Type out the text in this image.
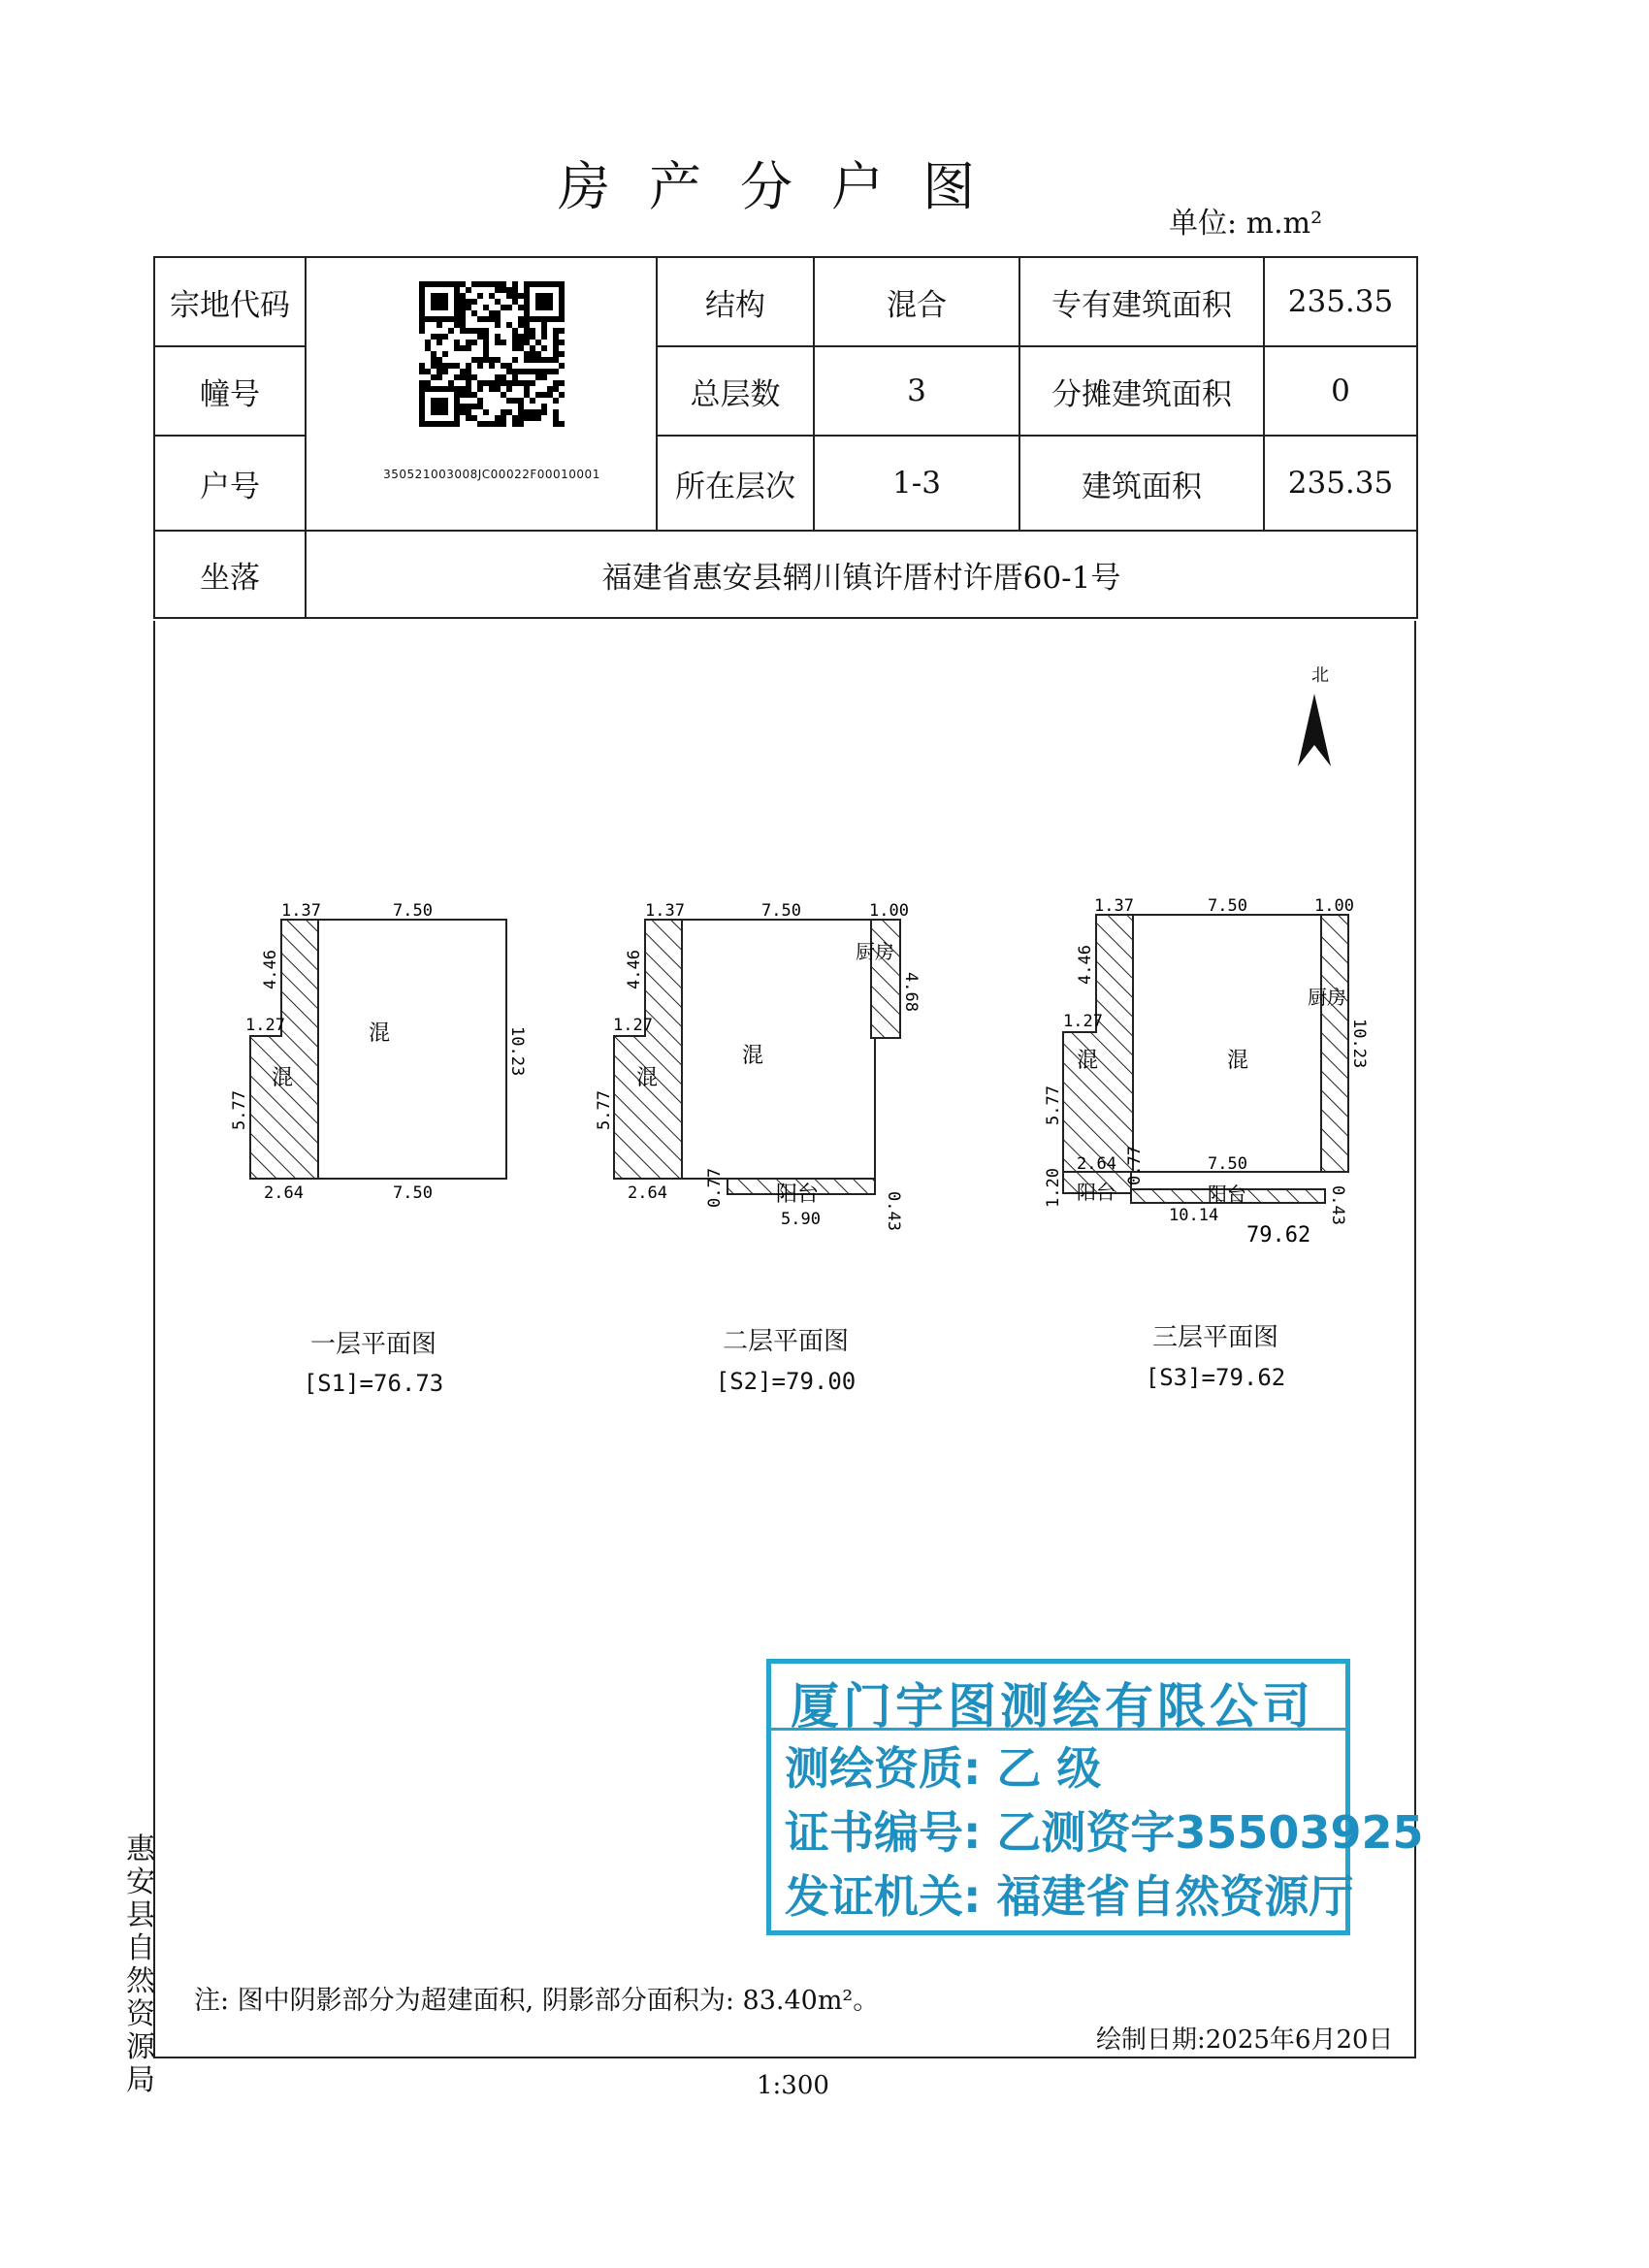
房产分户图
单位: m.m²
宗地代码	350521003008JC00022F00010001	结构	混合	专有建筑面积	235.35
幢号		总层数	3	分摊建筑面积	0
户号		所在层次	1-3	建筑面积	235.35
坐落	福建省惠安县辋川镇许厝村许厝60-1号				
北
1.37	7.50
4.46
1.27
5.77
10.23
2.64	7.50
混
混
1.37	7.50	1.00
4.46
1.27
5.77
4.68
2.64 0.77
0.43
5.90
混
混
厨房
阳台
1.37	7.50	1.00
4.46
1.27
5.77
10.23
2.64
1.20
0.77	7.50
0.43
10.14
79.62
混
混
厨房
阳台	阳台
一层平面图
[S1]=76.73
二层平面图
[S2]=79.00
三层平面图
[S3]=79.62
厦门宇图测绘有限公司
测绘资质: 乙 级
证书编号: 乙测资字35503925
发证机关: 福建省自然资源厅
惠安县自然资源局
注: 图中阴影部分为超建面积, 阴影部分面积为: 83.40m²。
绘制日期:2025年6月20日
1:300
